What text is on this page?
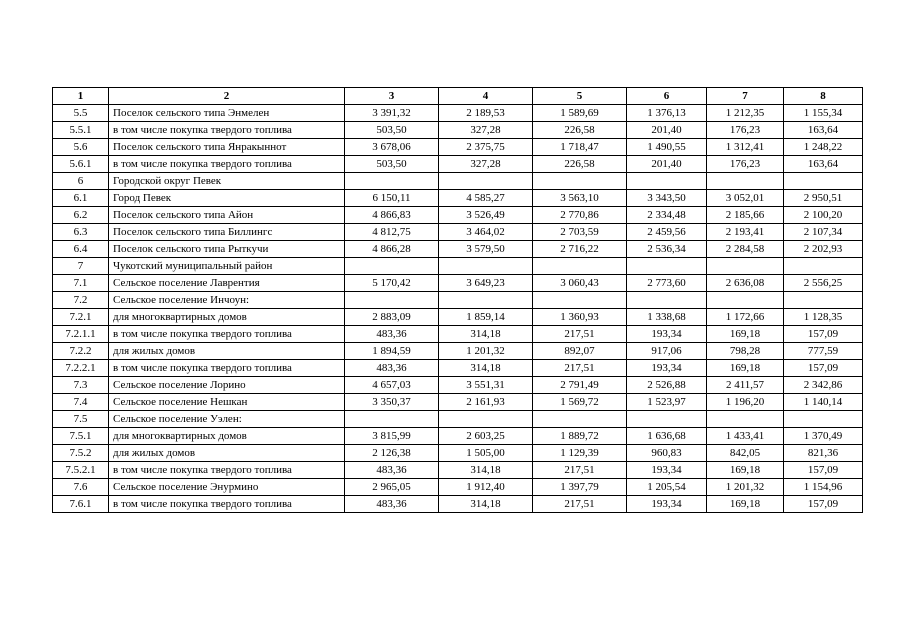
1	2	3	4	5	6	7	8
5.5	Поселок сельского типа Энмелен	3 391,32	2 189,53	1 589,69	1 376,13	1 212,35	1 155,34
5.5.1	в том числе покупка твердого топлива	503,50	327,28	226,58	201,40	176,23	163,64
5.6	Поселок сельского типа Янракыннот	3 678,06	2 375,75	1 718,47	1 490,55	1 312,41	1 248,22
5.6.1	в том числе покупка твердого топлива	503,50	327,28	226,58	201,40	176,23	163,64
6	Городской округ Певек						
6.1	Город Певек	6 150,11	4 585,27	3 563,10	3 343,50	3 052,01	2 950,51
6.2	Поселок сельского типа Айон	4 866,83	3 526,49	2 770,86	2 334,48	2 185,66	2 100,20
6.3	Поселок сельского типа Биллингс	4 812,75	3 464,02	2 703,59	2 459,56	2 193,41	2 107,34
6.4	Поселок сельского типа Рыткучи	4 866,28	3 579,50	2 716,22	2 536,34	2 284,58	2 202,93
7	Чукотский муниципальный район						
7.1	Сельское поселение Лаврентия	5 170,42	3 649,23	3 060,43	2 773,60	2 636,08	2 556,25
7.2	Сельское поселение Инчоун:						
7.2.1	для многоквартирных домов	2 883,09	1 859,14	1 360,93	1 338,68	1 172,66	1 128,35
7.2.1.1	в том числе покупка твердого топлива	483,36	314,18	217,51	193,34	169,18	157,09
7.2.2	для жилых домов	1 894,59	1 201,32	892,07	917,06	798,28	777,59
7.2.2.1	в том числе покупка твердого топлива	483,36	314,18	217,51	193,34	169,18	157,09
7.3	Сельское поселение Лорино	4 657,03	3 551,31	2 791,49	2 526,88	2 411,57	2 342,86
7.4	Сельское поселение Нешкан	3 350,37	2 161,93	1 569,72	1 523,97	1 196,20	1 140,14
7.5	Сельское поселение Уэлен:						
7.5.1	для многоквартирных домов	3 815,99	2 603,25	1 889,72	1 636,68	1 433,41	1 370,49
7.5.2	для жилых домов	2 126,38	1 505,00	1 129,39	960,83	842,05	821,36
7.5.2.1	в том числе покупка твердого топлива	483,36	314,18	217,51	193,34	169,18	157,09
7.6	Сельское поселение Энурмино	2 965,05	1 912,40	1 397,79	1 205,54	1 201,32	1 154,96
7.6.1	в том числе покупка твердого топлива	483,36	314,18	217,51	193,34	169,18	157,09
